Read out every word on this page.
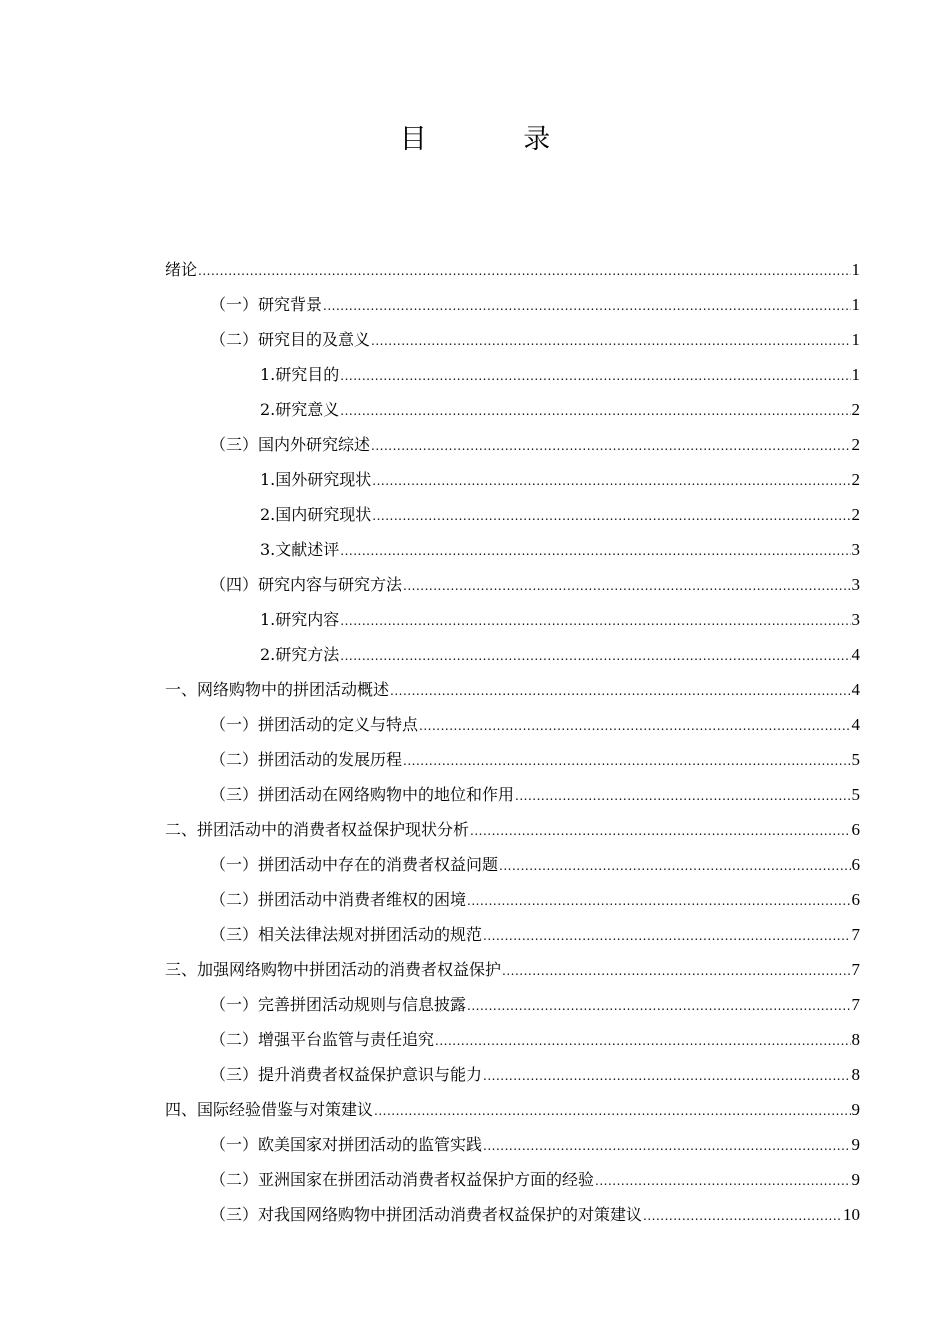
目 录
绪论 .....	1
（一）研究背景 .....	1
（二）研究目的及意义 .....	1
1.研究目的 .....	1
2.研究意义 .....	2
（三）国内外研究综述 .....	2
1.国外研究现状 .....	2
2.国内研究现状 .....	2
3.文献述评 .....	3
（四）研究内容与研究方法 .....	3
1.研究内容 .....	3
2.研究方法 .....	4
一、网络购物中的拼团活动概述 .....	4
（一）拼团活动的定义与特点 .....	4
（二）拼团活动的发展历程 .....	5
（三）拼团活动在网络购物中的地位和作用 .....	5
二、拼团活动中的消费者权益保护现状分析 .....	6
（一）拼团活动中存在的消费者权益问题 .....	6
（二）拼团活动中消费者维权的困境 .....	6
（三）相关法律法规对拼团活动的规范 .....	7
三、加强网络购物中拼团活动的消费者权益保护 .....	7
（一）完善拼团活动规则与信息披露 .....	7
（二）增强平台监管与责任追究 .....	8
（三）提升消费者权益保护意识与能力 .....	8
四、国际经验借鉴与对策建议 .....	9
（一）欧美国家对拼团活动的监管实践 .....	9
（二）亚洲国家在拼团活动消费者权益保护方面的经验 .....	9
（三）对我国网络购物中拼团活动消费者权益保护的对策建议 .....	10
